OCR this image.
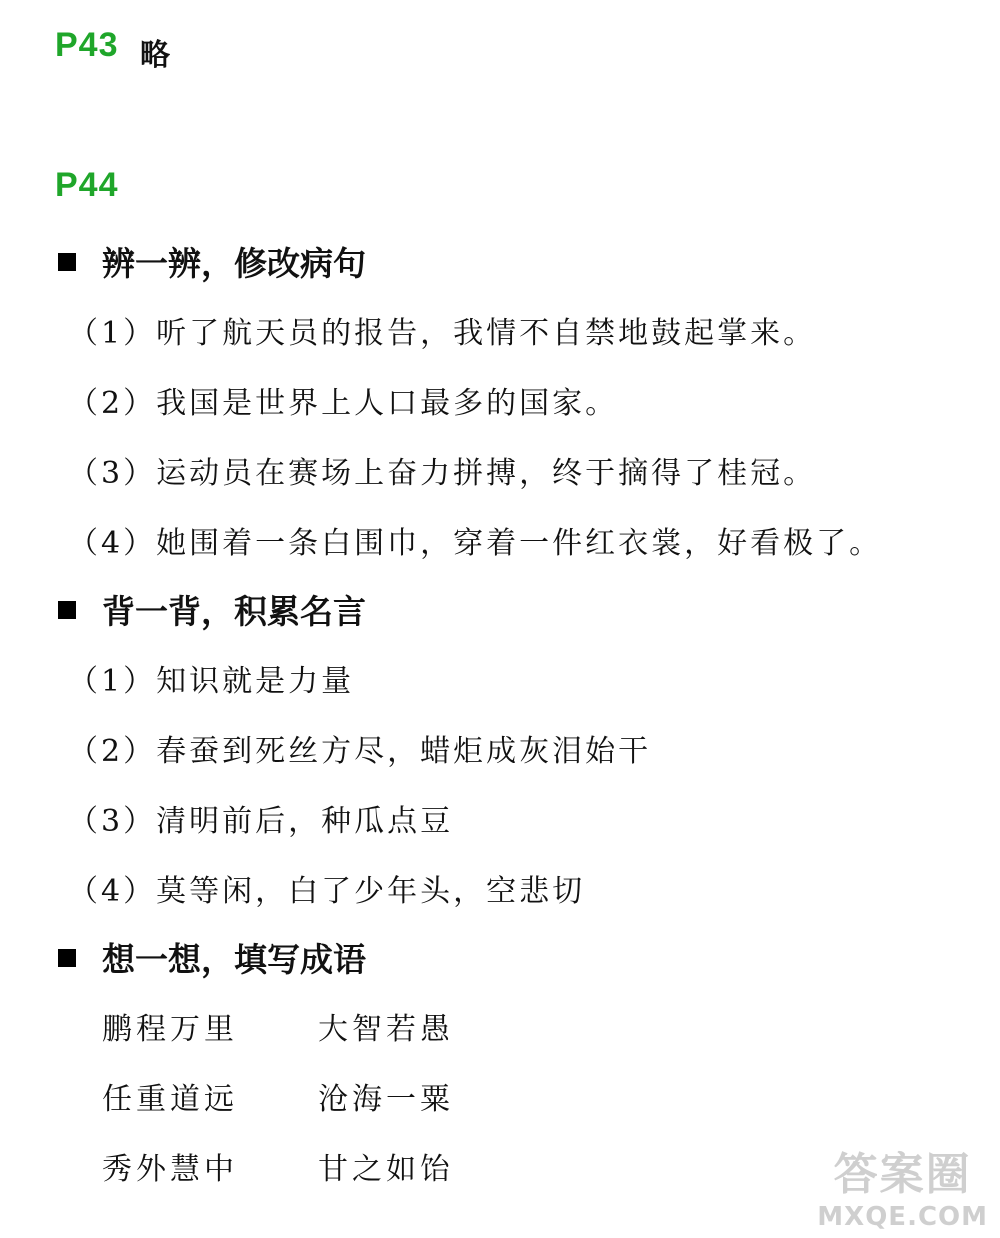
P43 略
P44
辨一辨，修改病句
（1）听了航天员的报告，我情不自禁地鼓起掌来。
（2）我国是世界上人口最多的国家。
（3）运动员在赛场上奋力拼搏，终于摘得了桂冠。
（4）她围着一条白围巾，穿着一件红衣裳，好看极了。
背一背，积累名言
（1）知识就是力量
（2）春蚕到死丝方尽，蜡炬成灰泪始干
（3）清明前后，种瓜点豆
（4）莫等闲，白了少年头，空悲切
想一想，填写成语
鹏程万里	大智若愚
任重道远	沧海一粟
秀外慧中	甘之如饴	答案圈
MXQE.COM
